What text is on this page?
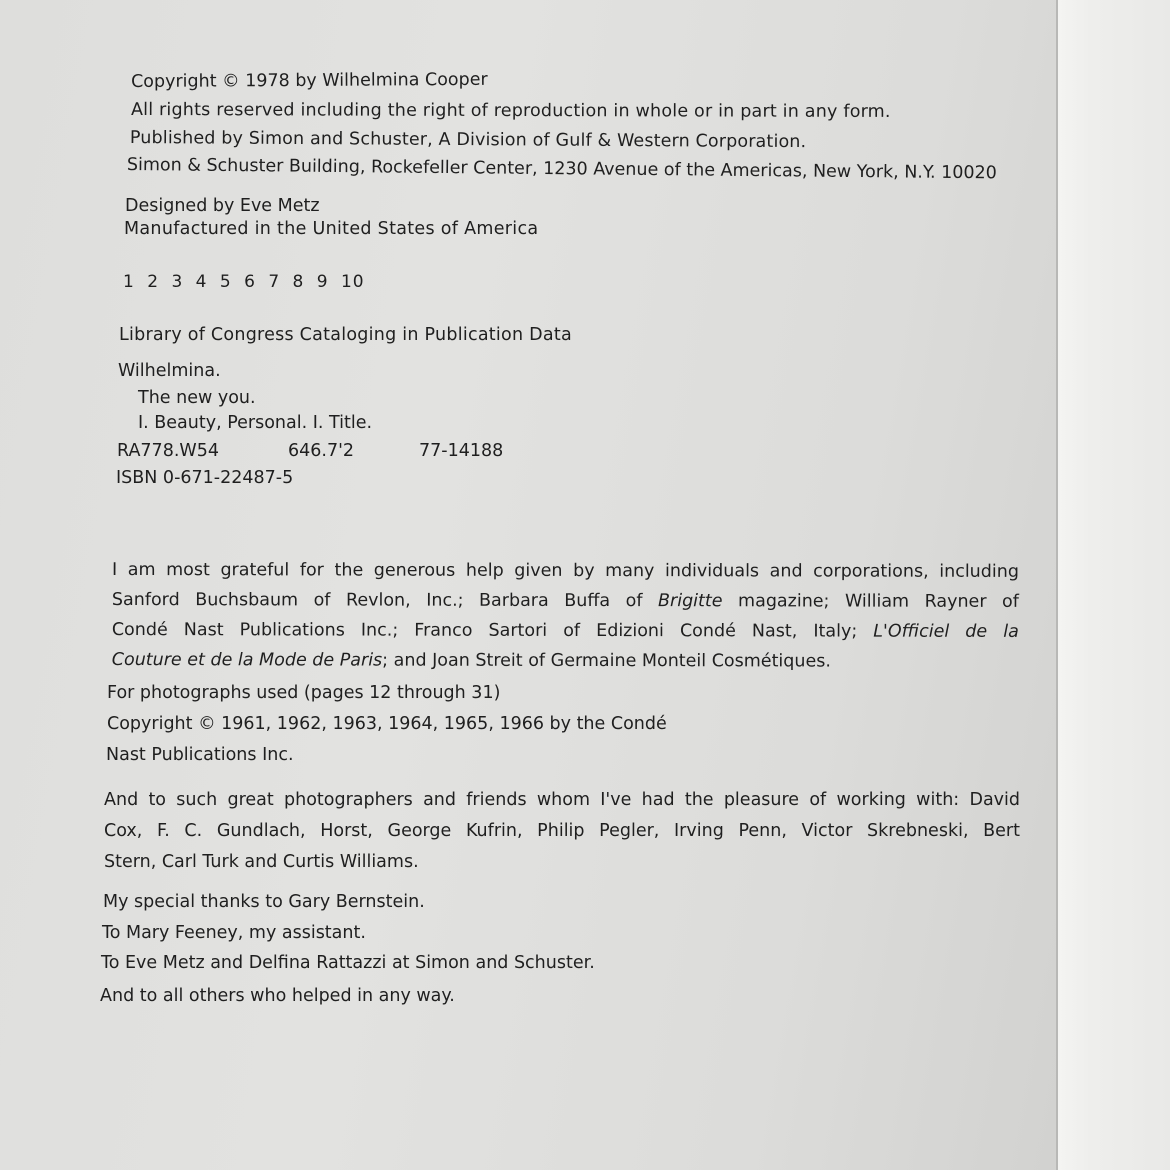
Copyright © 1978 by Wilhelmina Cooper
All rights reserved including the right of reproduction in whole or in part in any form.
Published by Simon and Schuster, A Division of Gulf & Western Corporation.
Simon & Schuster Building, Rockefeller Center, 1230 Avenue of the Americas, New York, N.Y. 10020
Designed by Eve Metz
Manufactured in the United States of America
1 2 3 4 5 6 7 8 9 10
Library of Congress Cataloging in Publication Data
Wilhelmina.
The new you.
I. Beauty, Personal. I. Title.
RA778.W54	646.7'2	77-14188
ISBN 0-671-22487-5
I am most grateful for the generous help given by many individuals and corporations, including
Sanford Buchsbaum of Revlon, Inc.; Barbara Buffa of Brigitte magazine; William Rayner of
Condé Nast Publications Inc.; Franco Sartori of Edizioni Condé Nast, Italy; L'Officiel de la
Couture et de la Mode de Paris; and Joan Streit of Germaine Monteil Cosmétiques.
For photographs used (pages 12 through 31)
Copyright © 1961, 1962, 1963, 1964, 1965, 1966 by the Condé
Nast Publications Inc.
And to such great photographers and friends whom I've had the pleasure of working with: David
Cox, F. C. Gundlach, Horst, George Kufrin, Philip Pegler, Irving Penn, Victor Skrebneski, Bert
Stern, Carl Turk and Curtis Williams.
My special thanks to Gary Bernstein.
To Mary Feeney, my assistant.
To Eve Metz and Delfina Rattazzi at Simon and Schuster.
And to all others who helped in any way.
